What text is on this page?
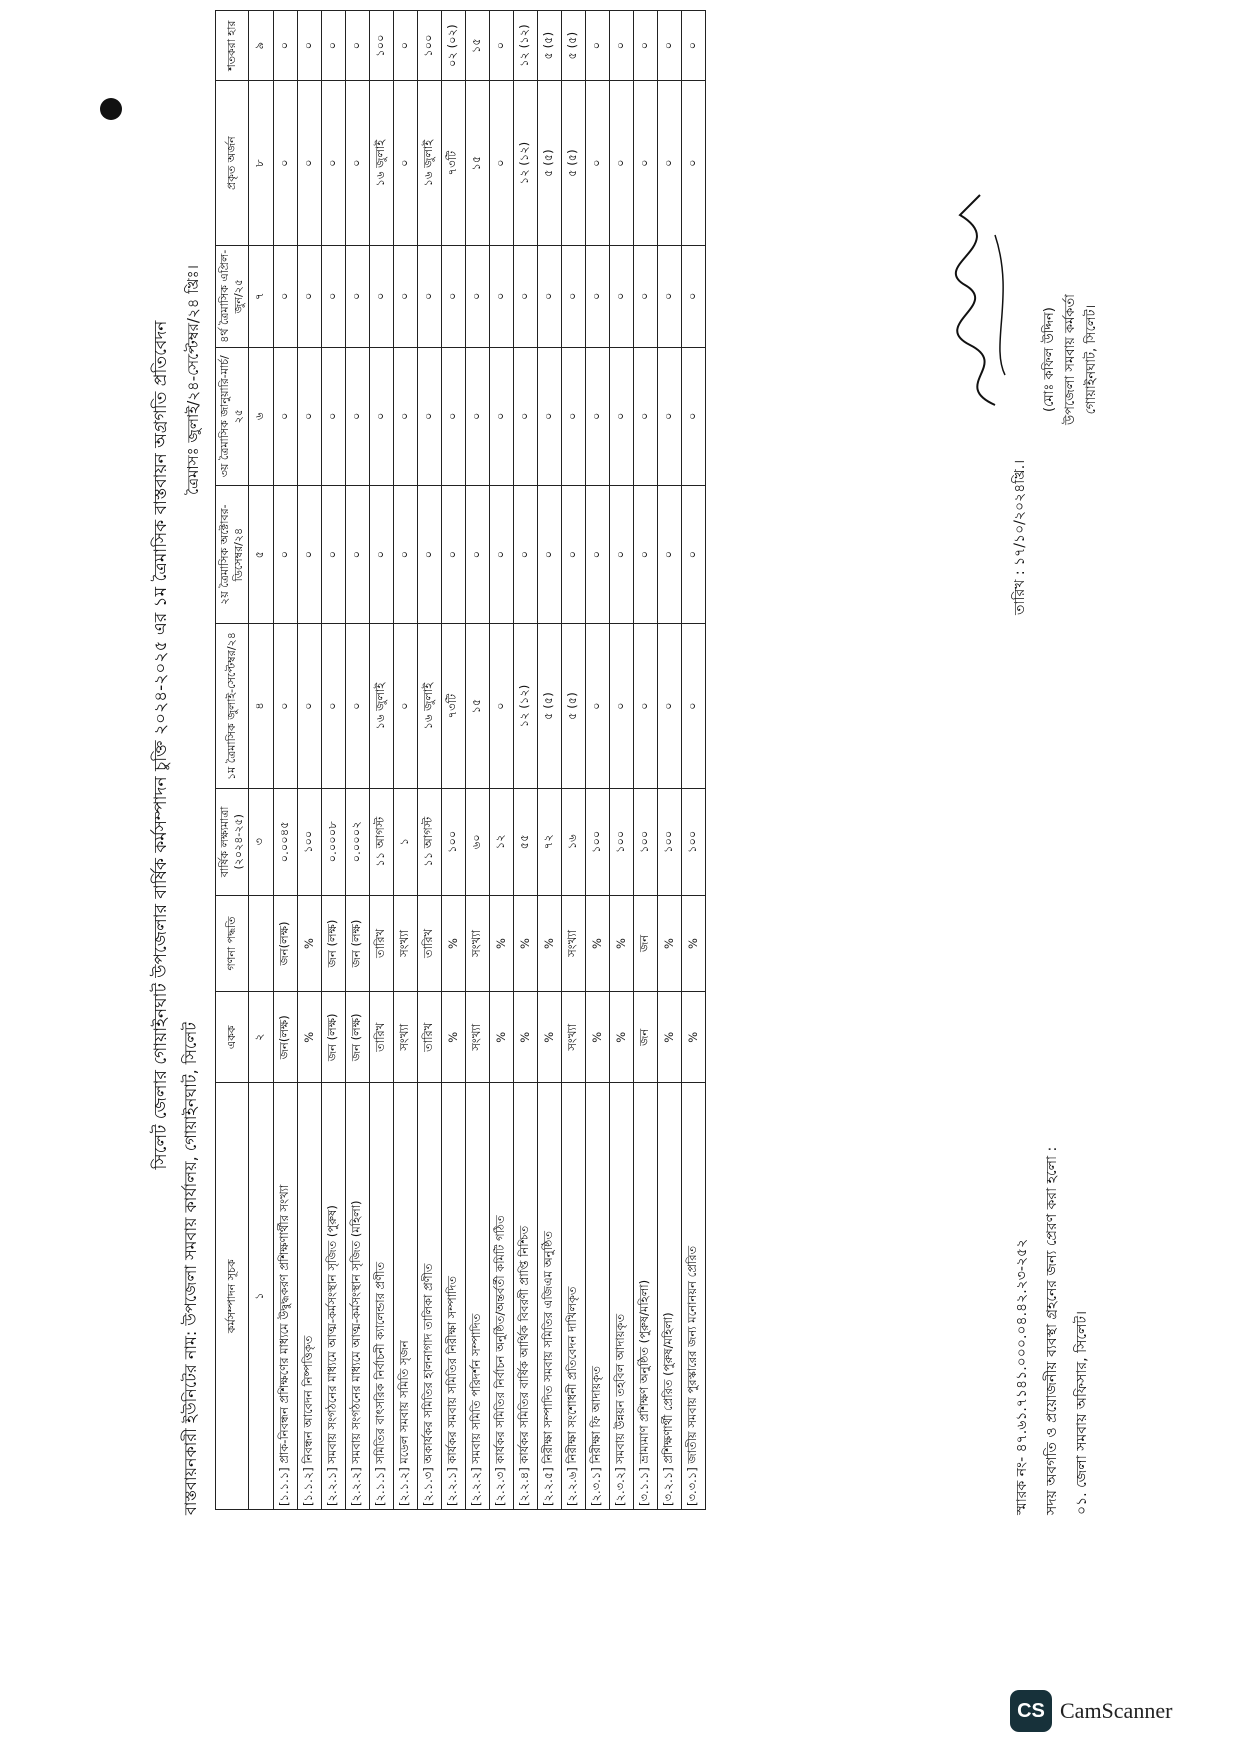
সিলেট জেলার গোয়াইনঘাট উপজেলার বার্ষিক কর্মসম্পাদন চুক্তি ২০২৪-২০২৫ এর ১ম ত্রৈমাসিক বাস্তবায়ন অগ্রগতি প্রতিবেদন
বাস্তবায়নকারী ইউনিটের নাম: উপজেলা সমবায় কার্যালয়, গোয়াইনঘাট, সিলেট
ত্রৈমাসঃ জুলাই/২৪-সেপ্টেম্বর/২৪ খ্রিঃ।
কর্মসম্পাদন সূচক	একক	গণনা পদ্ধতি	বার্ষিক লক্ষ্যমাত্রা (২০২৪-২৫)	১ম ত্রৈমাসিক জুলাই-সেপ্টেম্বর/২৪	২য় ত্রৈমাসিক অক্টোবর-ডিসেম্বর/২৪	৩য় ত্রৈমাসিক জানুয়ারি-মার্চ/২৫	৪র্থ ত্রৈমাসিক এপ্রিল-জুন/২৫	প্রকৃত অর্জন	শতকরা হার
১	২		৩	৪	৫	৬	৭	৮	৯
[১.১.১] প্রাক-নিবন্ধন প্রশিক্ষণের মাধ্যমে উদ্বুদ্ধকরণ প্রশিক্ষণার্থীর সংখ্যা	জন(লক্ষ)	জন(লক্ষ)	০.০০৪৫	০	০	০	০	০	০
[১.১.২] নিবন্ধন আবেদন নিষ্পত্তিকৃত	%	%	১০০	০	০	০	০	০	০
[২.২.১] সমবায় সংগঠনের মাধ্যমে আত্ম-কর্মসংস্থান সৃজিত (পুরুষ)	জন (লক্ষ)	জন (লক্ষ)	০.০০০৮	০	০	০	০	০	০
[২.২.২] সমবায় সংগঠনের মাধ্যমে আত্ম-কর্মসংস্থান সৃজিত (মহিলা)	জন (লক্ষ)	জন (লক্ষ)	০.০০০২	০	০	০	০	০	০
[২.১.১] সমিতির বাৎসরিক নির্বাচনী ক্যালেন্ডার প্রণীত	তারিখ	তারিখ	১১ আগস্ট	১৬ জুলাই	০	০	০	১৬ জুলাই	১০০
[২.১.২] মডেল সমবায় সমিতি সৃজন	সংখ্যা	সংখ্যা	১	০	০	০	০	০	০
[২.১.৩] অকার্যকর সমিতির হালনাগাদ তালিকা প্রণীত	তারিখ	তারিখ	১১ আগস্ট	১৬ জুলাই	০	০	০	১৬ জুলাই	১০০
[২.২.১] কার্যকর সমবায় সমিতির নিরীক্ষা সম্পাদিত	%	%	১০০	৭৩টি	০	০	০	৭৩টি	০২ (০২)
[২.২.২] সমবায় সমিতি পরিদর্শন সম্পাদিত	সংখ্যা	সংখ্যা	৬০	১৫	০	০	০	১৫	১৫
[২.২.৩] কার্যকর সমিতির নির্বাচন অনুষ্ঠিত/অন্তর্বর্তী কমিটি গঠিত	%	%	১২	০	০	০	০	০	০
[২.২.৪] কার্যকর সমিতির বার্ষিক আর্থিক বিবরণী প্রাপ্তি নিশ্চিত	%	%	৫৫	১২ (১২)	০	০	০	১২ (১২)	১২ (১২)
[২.২.৫] নিরীক্ষা সম্পাদিত সমবায় সমিতির এজিএম অনুষ্ঠিত	%	%	৭২	৫ (৫)	০	০	০	৫ (৫)	৫ (৫)
[২.২.৬] নিরীক্ষা সংশোধনী প্রতিবেদন দাখিলকৃত	সংখ্যা	সংখ্যা	১৬	৫ (৫)	০	০	০	৫ (৫)	৫ (৫)
[২.৩.১] নিরীক্ষা ফি আদায়কৃত	%	%	১০০	০	০	০	০	০	০
[২.৩.২] সমবায় উন্নয়ন তহবিল আদায়কৃত	%	%	১০০	০	০	০	০	০	০
[৩.১.১] ভ্রাম্যমাণ প্রশিক্ষণ অনুষ্ঠিত (পুরুষ/মহিলা)	জন	জন	১০০	০	০	০	০	০	০
[৩.২.১] প্রশিক্ষণার্থী প্রেরিত (পুরুষ/মহিলা)	%	%	১০০	০	০	০	০	০	০
[৩.৩.১] জাতীয় সমবায় পুরস্কারের জন্য মনোনয়ন প্রেরিত	%	%	১০০	০	০	০	০	০	০
স্মারক নং- ৪৭.৬১.৭১৪১.০০০.০৪.৪২.২৩-২৫২
তারিখ : ১৭/১০/২০২৪খ্রি.।
সদয় অবগতি ও প্রয়োজনীয় ব্যবস্থা গ্রহনের জন্য প্রেরণ করা হলো : ০১. জেলা সমবায় অফিসার, সিলেট।
(মোঃ কফিল উদ্দিন) উপজেলা সমবায় কর্মকর্তা গোয়াইনঘাট, সিলেট।
CS CamScanner
